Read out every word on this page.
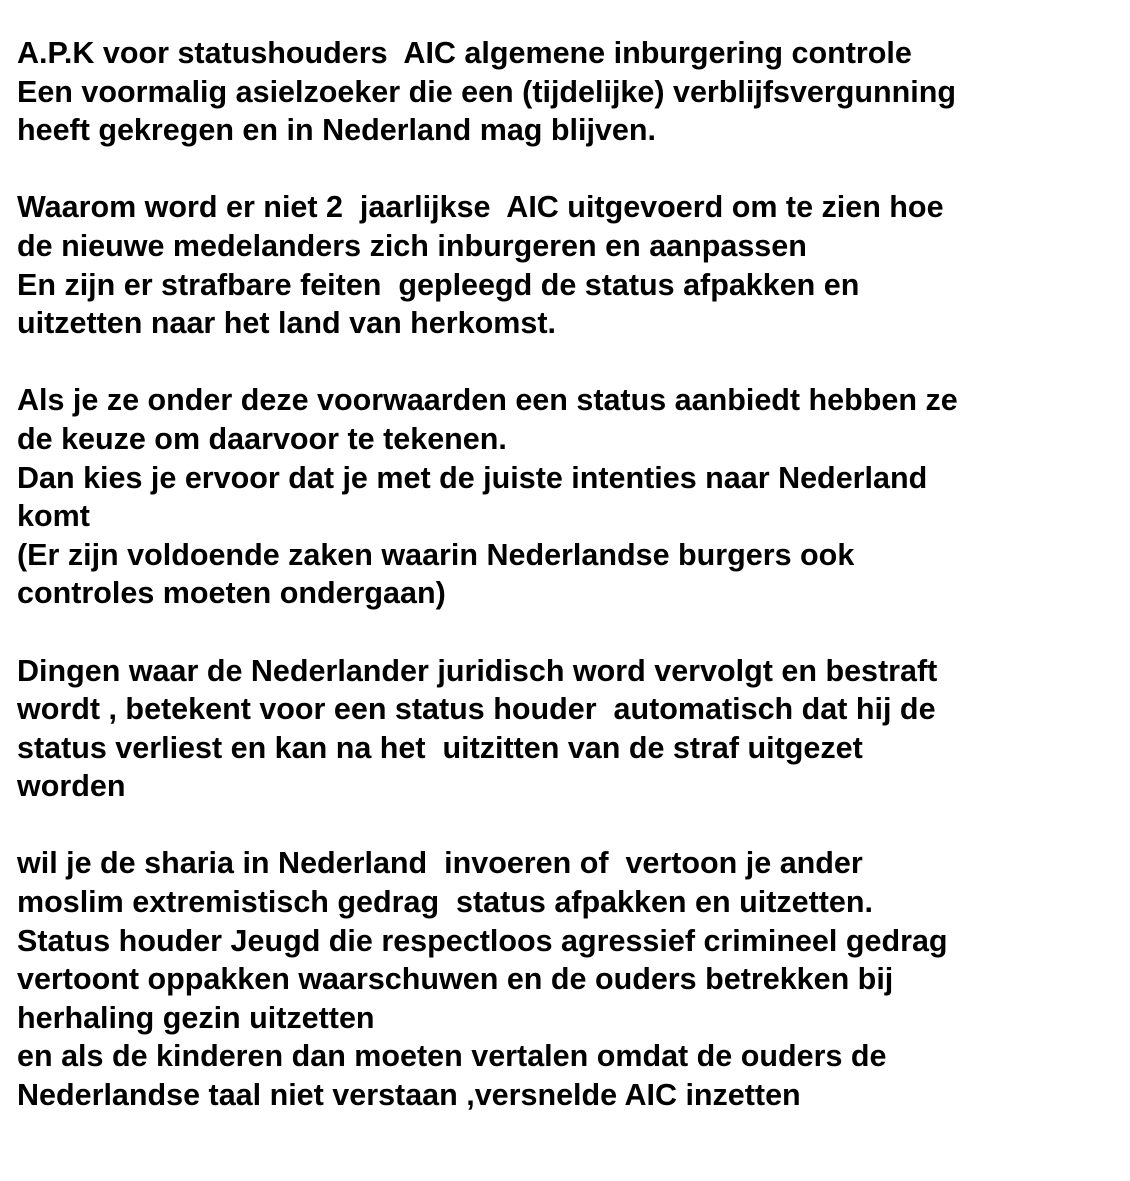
A.P.K voor statushouders  AIC algemene inburgering controle
Een voormalig asielzoeker die een (tijdelijke) verblijfsvergunning
heeft gekregen en in Nederland mag blijven.
Waarom word er niet 2  jaarlijkse  AIC uitgevoerd om te zien hoe
de nieuwe medelanders zich inburgeren en aanpassen
En zijn er strafbare feiten  gepleegd de status afpakken en
uitzetten naar het land van herkomst.
Als je ze onder deze voorwaarden een status aanbiedt hebben ze
de keuze om daarvoor te tekenen.
Dan kies je ervoor dat je met de juiste intenties naar Nederland
komt
(Er zijn voldoende zaken waarin Nederlandse burgers ook
controles moeten ondergaan)
Dingen waar de Nederlander juridisch word vervolgt en bestraft
wordt , betekent voor een status houder  automatisch dat hij de
status verliest en kan na het  uitzitten van de straf uitgezet
worden
wil je de sharia in Nederland  invoeren of  vertoon je ander
moslim extremistisch gedrag  status afpakken en uitzetten.
Status houder Jeugd die respectloos agressief crimineel gedrag
vertoont oppakken waarschuwen en de ouders betrekken bij
herhaling gezin uitzetten
en als de kinderen dan moeten vertalen omdat de ouders de
Nederlandse taal niet verstaan ,versnelde AIC inzetten
